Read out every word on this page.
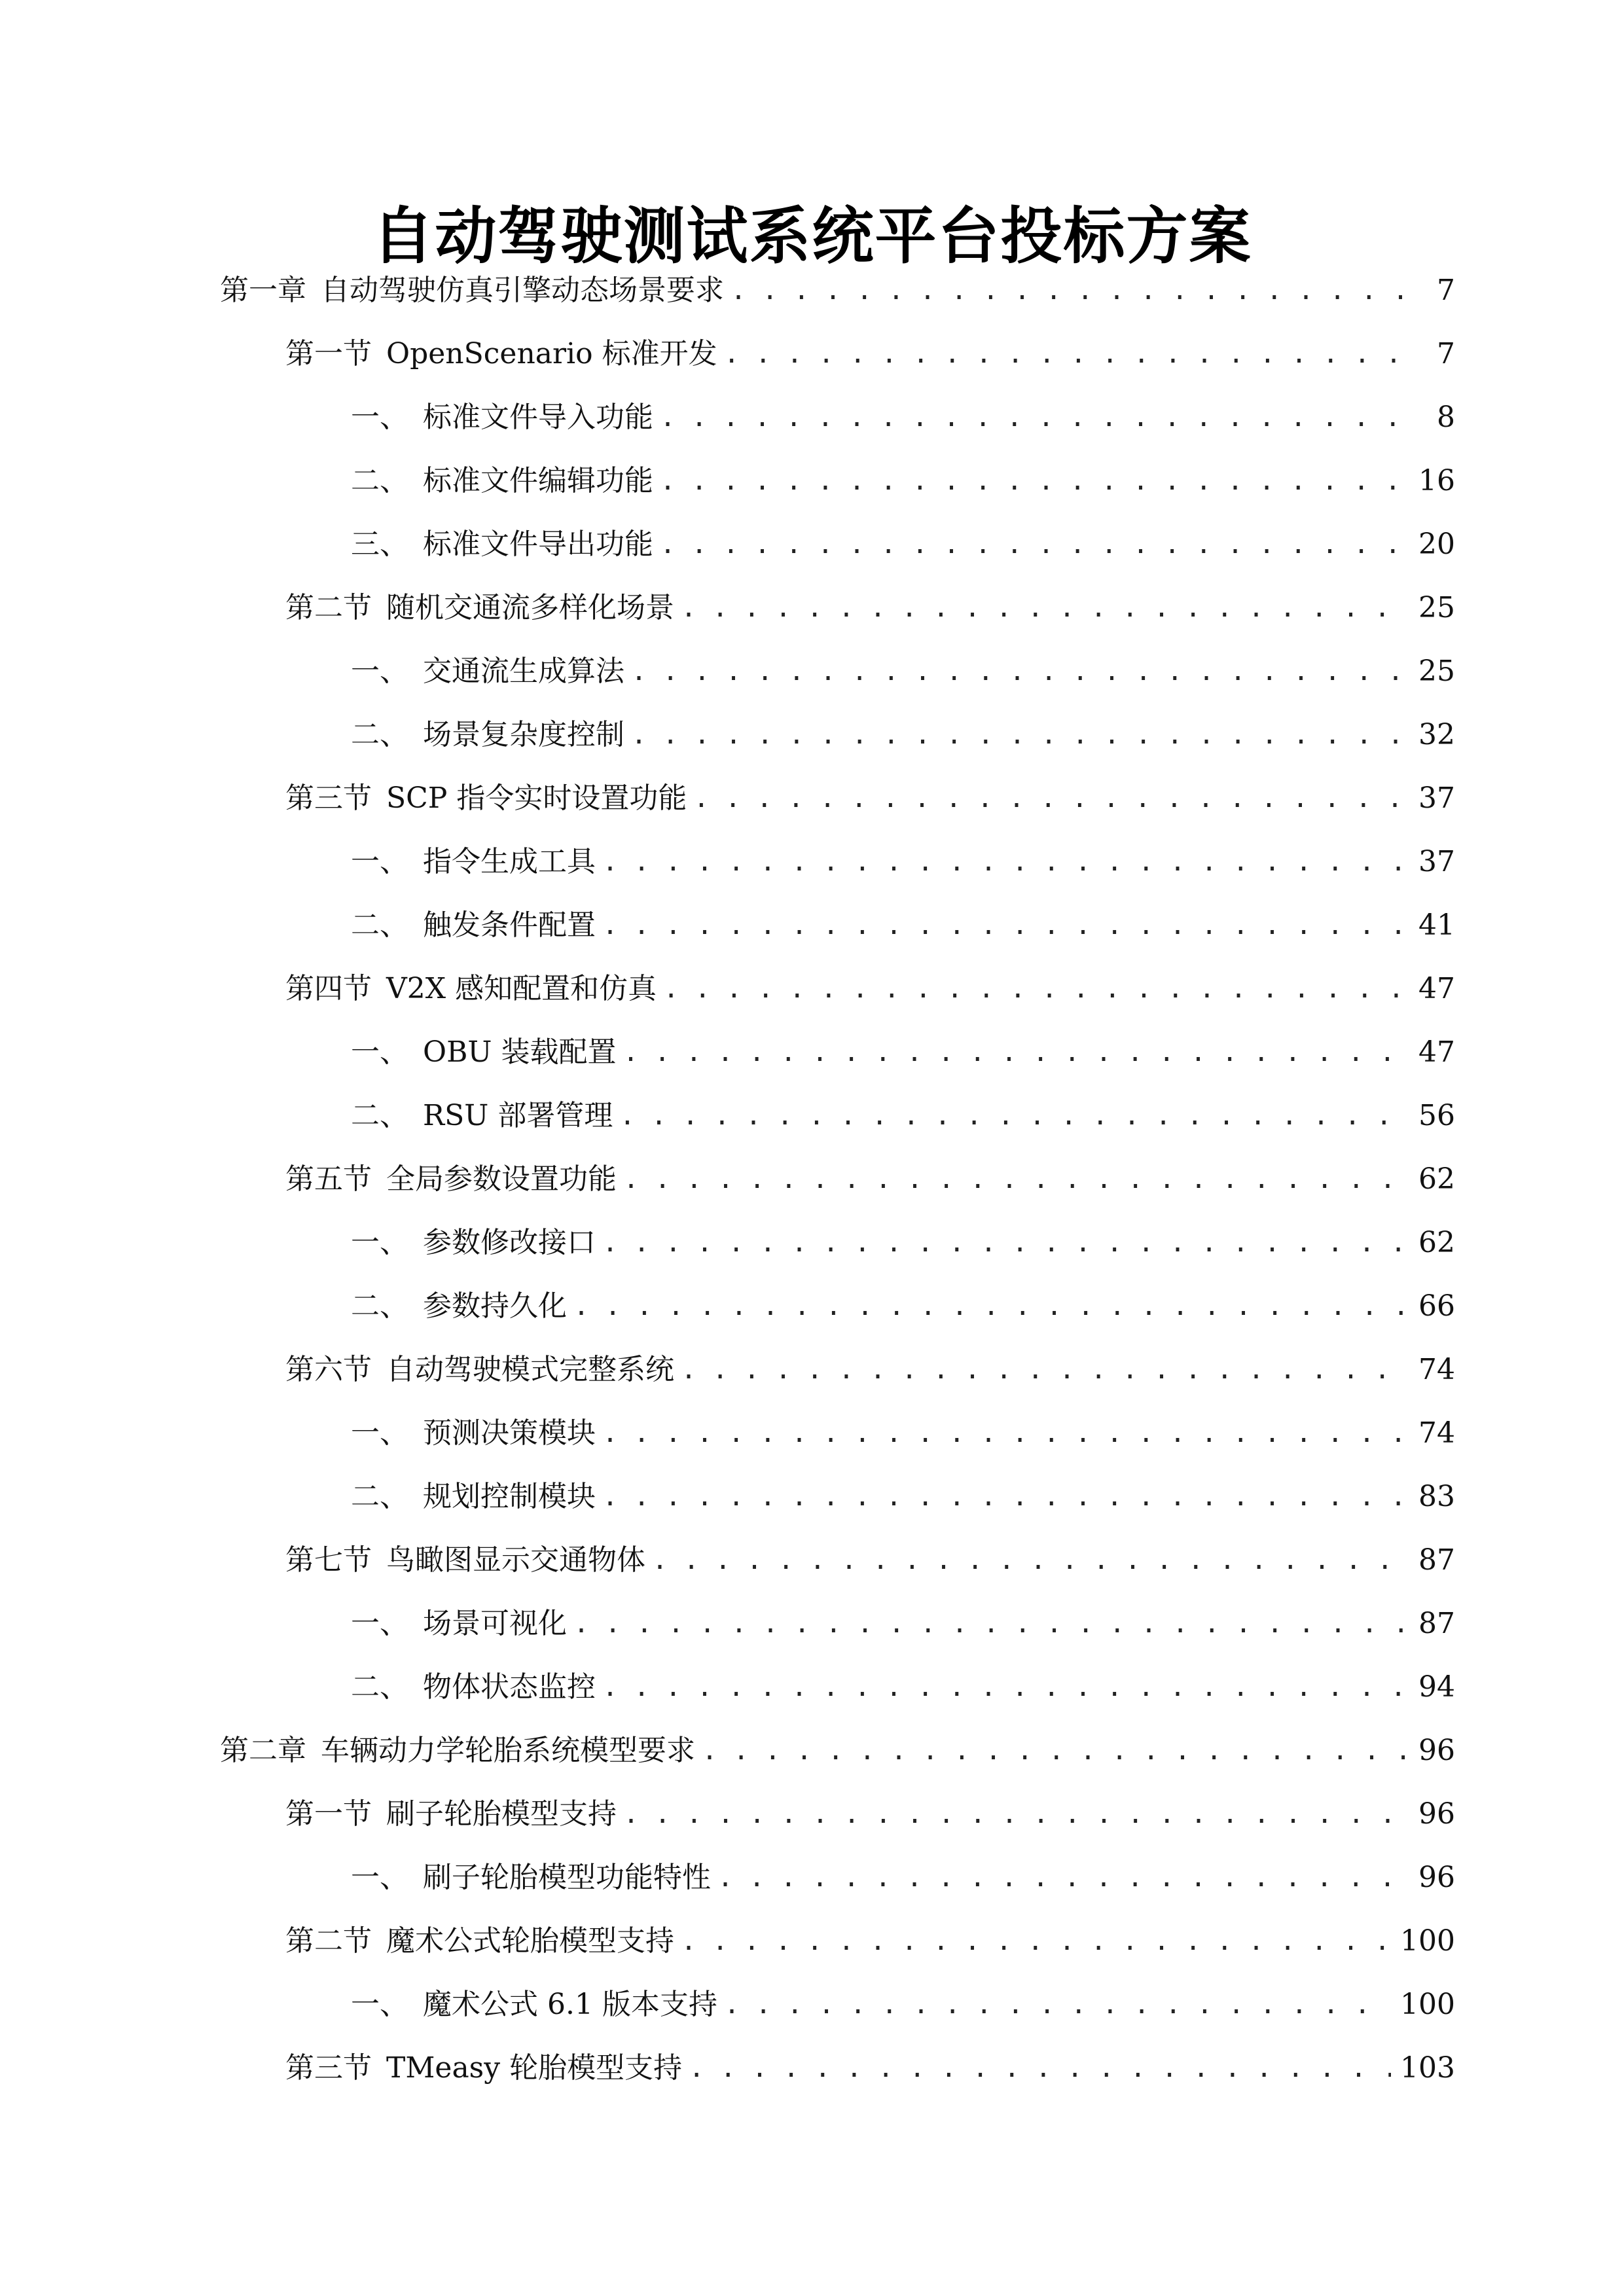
自动驾驶测试系统平台投标方案
第一章 自动驾驶仿真引擎动态场景要求 . . .	7
第一节 OpenScenario 标准开发 . . .	7
一、 标准文件导入功能 . . .	8
二、 标准文件编辑功能 . . .	16
三、 标准文件导出功能 . . .	20
第二节 随机交通流多样化场景 . . .	25
一、 交通流生成算法 . . .	25
二、 场景复杂度控制 . . .	32
第三节 SCP 指令实时设置功能 . . .	37
一、 指令生成工具 . . .	37
二、 触发条件配置 . . .	41
第四节 V2X 感知配置和仿真 . . .	47
一、 OBU 装载配置 . . .	47
二、 RSU 部署管理 . . .	56
第五节 全局参数设置功能 . . .	62
一、 参数修改接口 . . .	62
二、 参数持久化 . . .	66
第六节 自动驾驶模式完整系统 . . .	74
一、 预测决策模块 . . .	74
二、 规划控制模块 . . .	83
第七节 鸟瞰图显示交通物体 . . .	87
一、 场景可视化 . . .	87
二、 物体状态监控 . . .	94
第二章 车辆动力学轮胎系统模型要求 . . .	96
第一节 刷子轮胎模型支持 . . .	96
一、 刷子轮胎模型功能特性 . . .	96
第二节 魔术公式轮胎模型支持 . . .	100
一、 魔术公式 6.1 版本支持 . . .	100
第三节 TMeasy 轮胎模型支持 . . .	103
